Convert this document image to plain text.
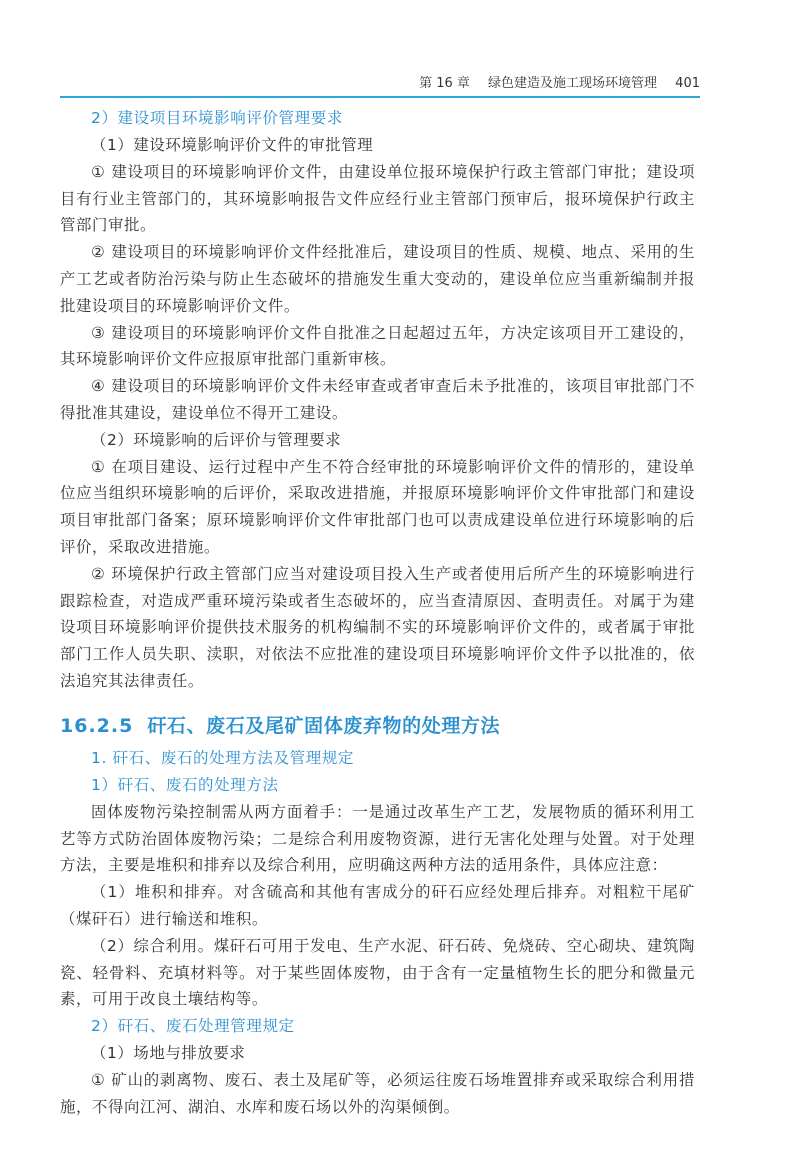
第 16 章 绿色建造及施工现场环境管理 401

2）建设项目环境影响评价管理要求

（1）建设环境影响评价文件的审批管理

① 建设项目的环境影响评价文件，由建设单位报环境保护行政主管部门审批；建设项目有行业主管部门的，其环境影响报告文件应经行业主管部门预审后，报环境保护行政主管部门审批。

② 建设项目的环境影响评价文件经批准后，建设项目的性质、规模、地点、采用的生产工艺或者防治污染与防止生态破坏的措施发生重大变动的，建设单位应当重新编制并报批建设项目的环境影响评价文件。

③ 建设项目的环境影响评价文件自批准之日起超过五年，方决定该项目开工建设的，其环境影响评价文件应报原审批部门重新审核。

④ 建设项目的环境影响评价文件未经审查或者审查后未予批准的，该项目审批部门不得批准其建设，建设单位不得开工建设。

（2）环境影响的后评价与管理要求

① 在项目建设、运行过程中产生不符合经审批的环境影响评价文件的情形的，建设单位应当组织环境影响的后评价，采取改进措施，并报原环境影响评价文件审批部门和建设项目审批部门备案；原环境影响评价文件审批部门也可以责成建设单位进行环境影响的后评价，采取改进措施。

② 环境保护行政主管部门应当对建设项目投入生产或者使用后所产生的环境影响进行跟踪检查，对造成严重环境污染或者生态破坏的，应当查清原因、查明责任。对属于为建设项目环境影响评价提供技术服务的机构编制不实的环境影响评价文件的，或者属于审批部门工作人员失职、渎职，对依法不应批准的建设项目环境影响评价文件予以批准的，依法追究其法律责任。

16.2.5 矸石、废石及尾矿固体废弃物的处理方法

1. 矸石、废石的处理方法及管理规定

1）矸石、废石的处理方法

固体废物污染控制需从两方面着手：一是通过改革生产工艺，发展物质的循环利用工艺等方式防治固体废物污染；二是综合利用废物资源，进行无害化处理与处置。对于处理方法，主要是堆积和排弃以及综合利用，应明确这两种方法的适用条件，具体应注意：

（1）堆积和排弃。对含硫高和其他有害成分的矸石应经处理后排弃。对粗粒干尾矿（煤矸石）进行输送和堆积。

（2）综合利用。煤矸石可用于发电、生产水泥、矸石砖、免烧砖、空心砌块、建筑陶瓷、轻骨料、充填材料等。对于某些固体废物，由于含有一定量植物生长的肥分和微量元素，可用于改良土壤结构等。

2）矸石、废石处理管理规定

（1）场地与排放要求

① 矿山的剥离物、废石、表土及尾矿等，必须运往废石场堆置排弃或采取综合利用措施，不得向江河、湖泊、水库和废石场以外的沟渠倾倒。
